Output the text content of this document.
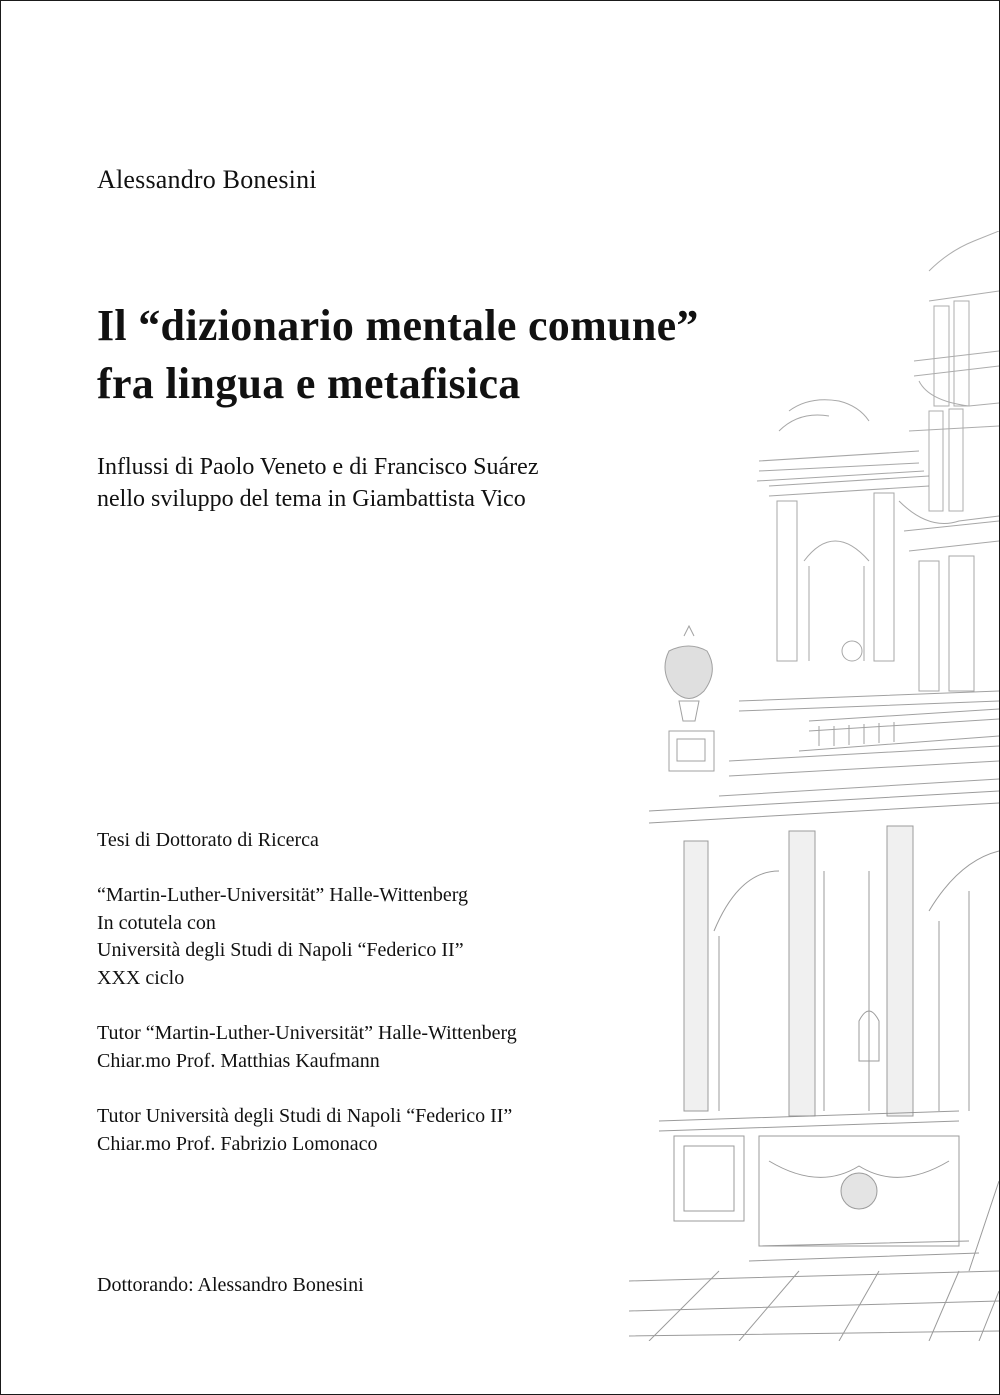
Alessandro Bonesini
Il “dizionario mentale comune”
fra lingua e metafisica
Influssi di Paolo Veneto e di Francisco Suárez
nello sviluppo del tema in Giambattista Vico
Tesi di Dottorato di Ricerca
“Martin-Luther-Universität” Halle-Wittenberg
In cotutela con
Università degli Studi di Napoli “Federico II”
XXX ciclo
Tutor “Martin-Luther-Universität” Halle-Wittenberg
Chiar.mo Prof. Matthias Kaufmann
Tutor Università degli Studi di Napoli “Federico II”
Chiar.mo Prof. Fabrizio Lomonaco
Dottorando: Alessandro Bonesini
